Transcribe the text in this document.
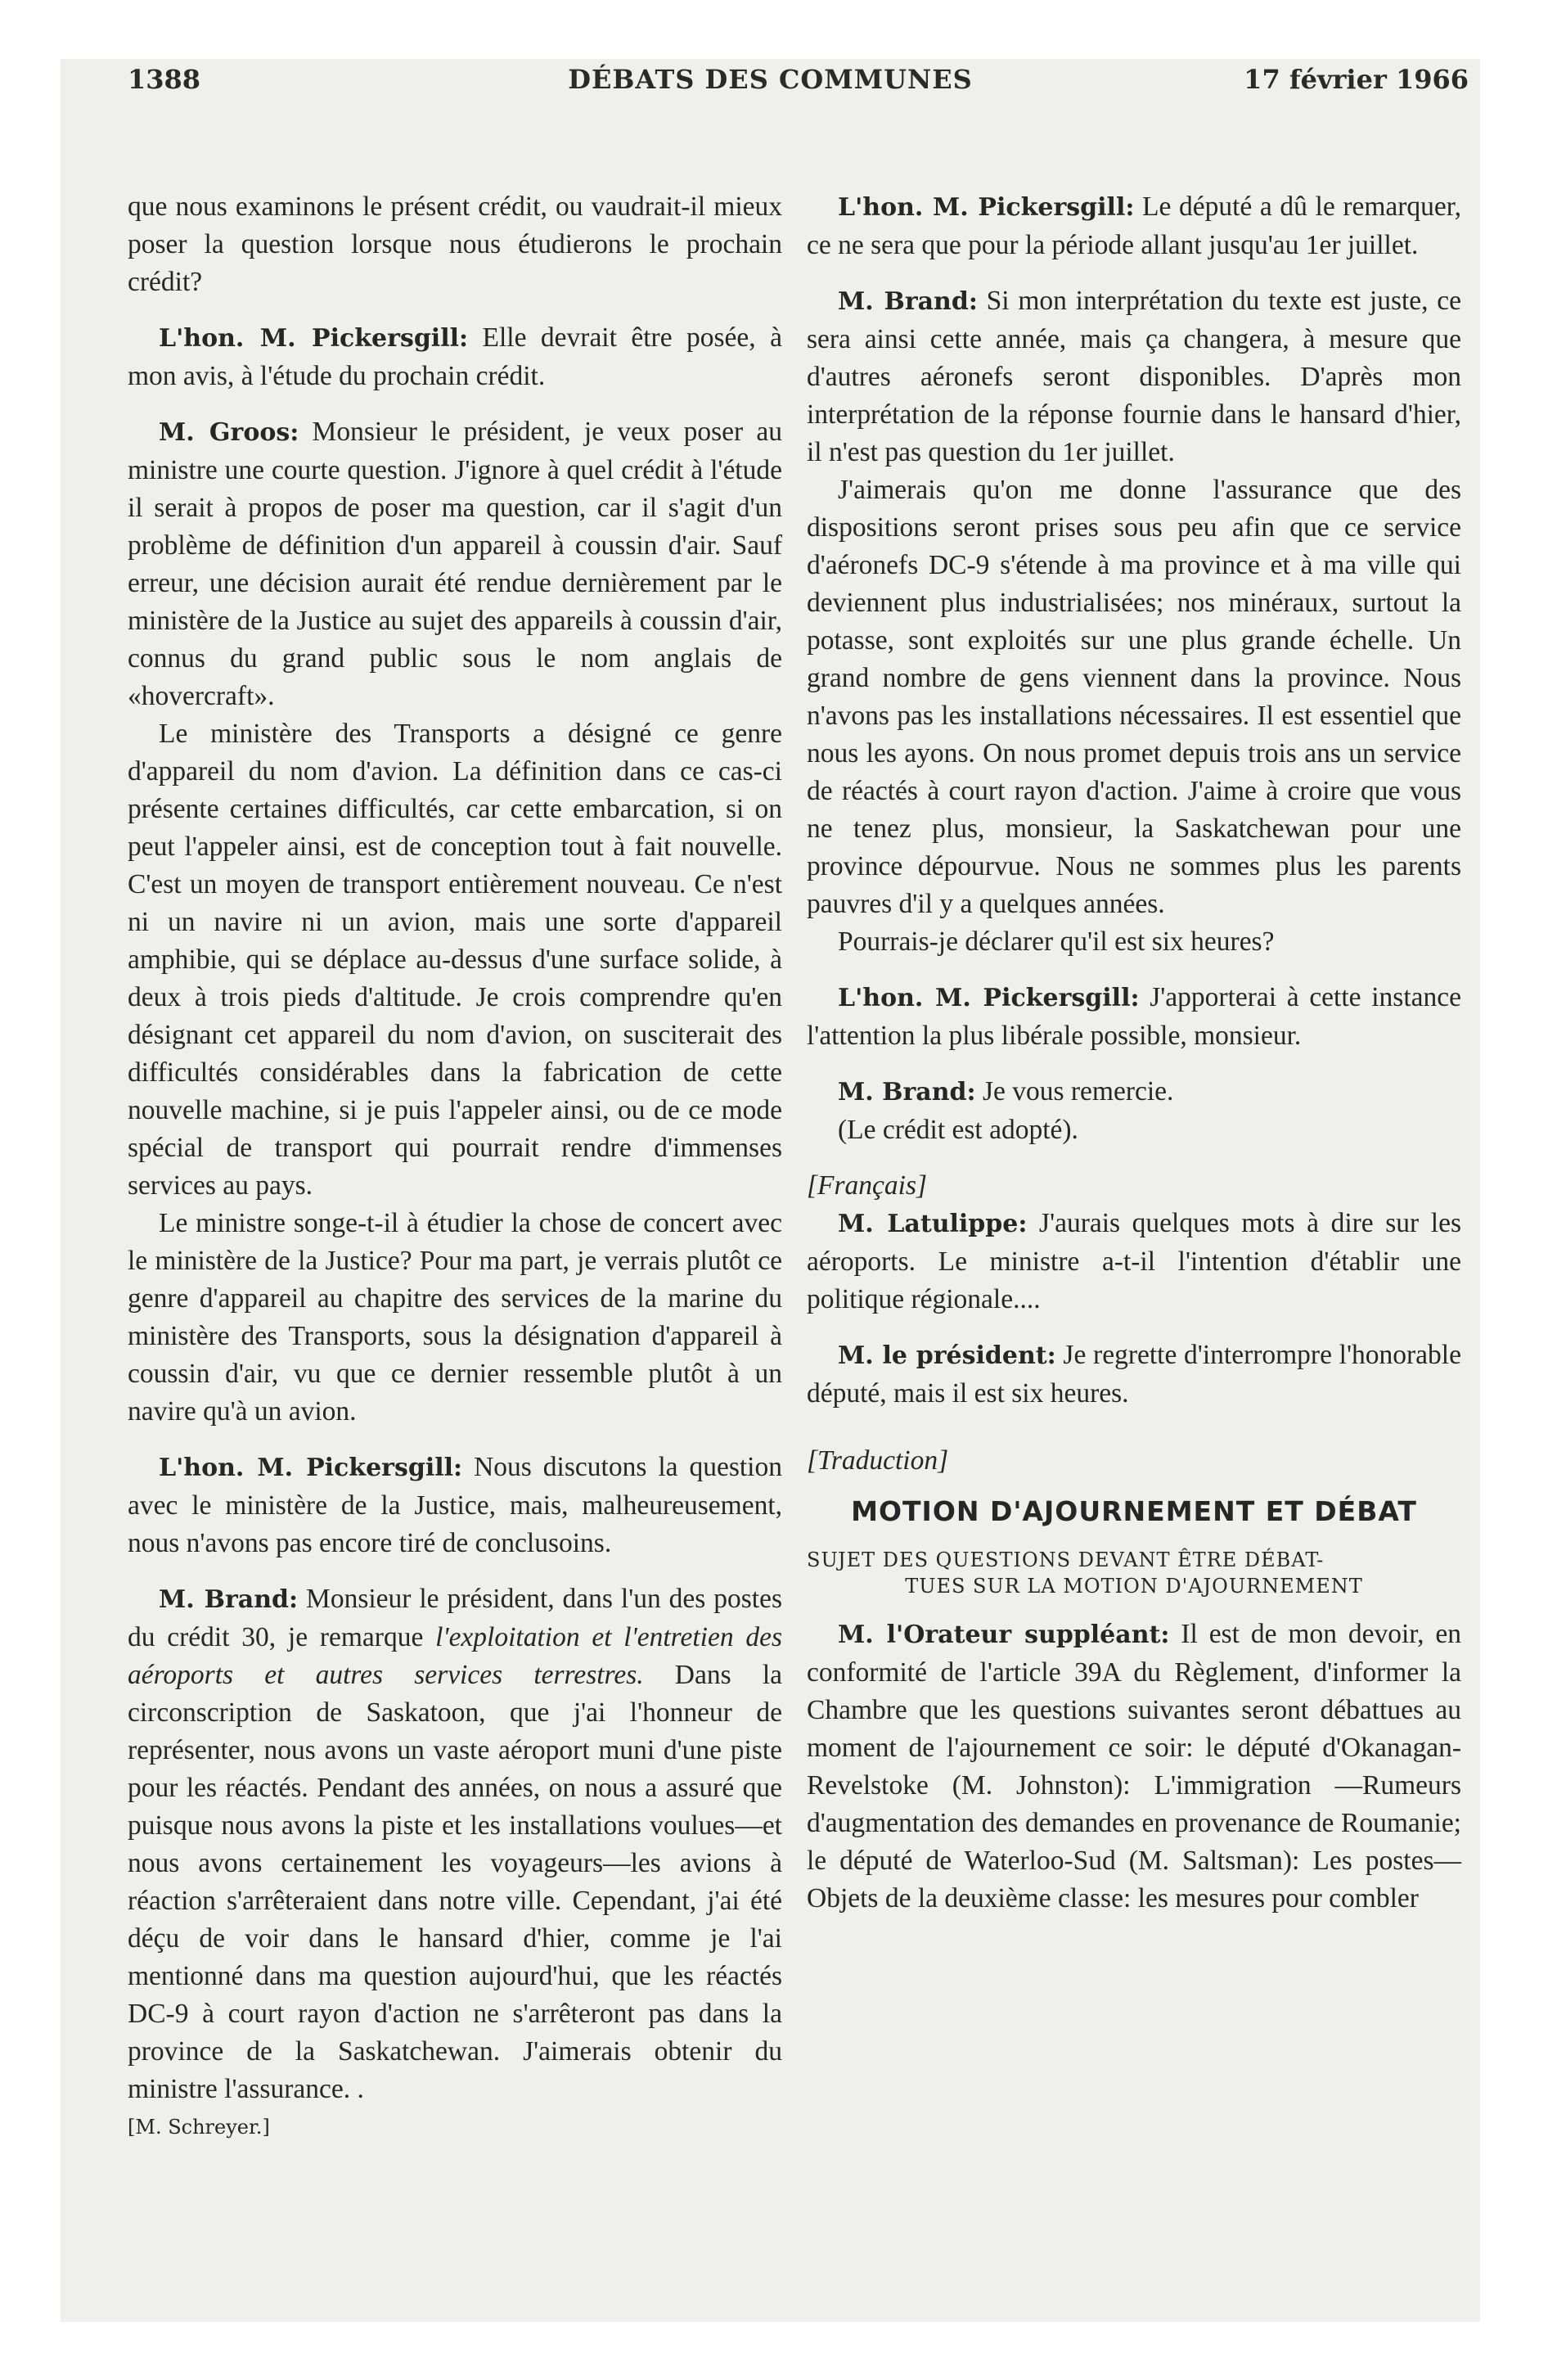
1388	DÉBATS DES COMMUNES	17 février 1966

que nous examinons le présent crédit, ou vaudrait-il mieux poser la question lorsque nous étudierons le prochain crédit?

L'hon. M. Pickersgill: Elle devrait être posée, à mon avis, à l'étude du prochain crédit.

M. Groos: Monsieur le président, je veux poser au ministre une courte question. J'ignore à quel crédit à l'étude il serait à propos de poser ma question, car il s'agit d'un problème de définition d'un appareil à coussin d'air. Sauf erreur, une décision aurait été rendue dernièrement par le ministère de la Justice au sujet des appareils à coussin d'air, connus du grand public sous le nom anglais de «hovercraft».

Le ministère des Transports a désigné ce genre d'appareil du nom d'avion. La définition dans ce cas-ci présente certaines difficultés, car cette embarcation, si on peut l'appeler ainsi, est de conception tout à fait nouvelle. C'est un moyen de transport entièrement nouveau. Ce n'est ni un navire ni un avion, mais une sorte d'appareil amphibie, qui se déplace au-dessus d'une surface solide, à deux à trois pieds d'altitude. Je crois comprendre qu'en désignant cet appareil du nom d'avion, on susciterait des difficultés considérables dans la fabrication de cette nouvelle machine, si je puis l'appeler ainsi, ou de ce mode spécial de transport qui pourrait rendre d'immenses services au pays.

Le ministre songe-t-il à étudier la chose de concert avec le ministère de la Justice? Pour ma part, je verrais plutôt ce genre d'appareil au chapitre des services de la marine du ministère des Transports, sous la désignation d'appareil à coussin d'air, vu que ce dernier ressemble plutôt à un navire qu'à un avion.

L'hon. M. Pickersgill: Nous discutons la question avec le ministère de la Justice, mais, malheureusement, nous n'avons pas encore tiré de conclusoins.

M. Brand: Monsieur le président, dans l'un des postes du crédit 30, je remarque l'exploitation et l'entretien des aéroports et autres services terrestres. Dans la circonscription de Saskatoon, que j'ai l'honneur de représenter, nous avons un vaste aéroport muni d'une piste pour les réactés. Pendant des années, on nous a assuré que puisque nous avons la piste et les installations voulues—et nous avons certainement les voyageurs—les avions à réaction s'arrêteraient dans notre ville. Cependant, j'ai été déçu de voir dans le hansard d'hier, comme je l'ai mentionné dans ma question aujourd'hui, que les réactés DC-9 à court rayon d'action ne s'arrêteront pas dans la province de la Saskatchewan. J'aimerais obtenir du ministre l'assurance. .

[M. Schreyer.]

L'hon. M. Pickersgill: Le député a dû le remarquer, ce ne sera que pour la période allant jusqu'au 1er juillet.

M. Brand: Si mon interprétation du texte est juste, ce sera ainsi cette année, mais ça changera, à mesure que d'autres aéronefs seront disponibles. D'après mon interprétation de la réponse fournie dans le hansard d'hier, il n'est pas question du 1er juillet.

J'aimerais qu'on me donne l'assurance que des dispositions seront prises sous peu afin que ce service d'aéronefs DC-9 s'étende à ma province et à ma ville qui deviennent plus industrialisées; nos minéraux, surtout la potasse, sont exploités sur une plus grande échelle. Un grand nombre de gens viennent dans la province. Nous n'avons pas les installations nécessaires. Il est essentiel que nous les ayons. On nous promet depuis trois ans un service de réactés à court rayon d'action. J'aime à croire que vous ne tenez plus, monsieur, la Saskatchewan pour une province dépourvue. Nous ne sommes plus les parents pauvres d'il y a quelques années.

Pourrais-je déclarer qu'il est six heures?

L'hon. M. Pickersgill: J'apporterai à cette instance l'attention la plus libérale possible, monsieur.

M. Brand: Je vous remercie.

(Le crédit est adopté).

[Français]

M. Latulippe: J'aurais quelques mots à dire sur les aéroports. Le ministre a-t-il l'intention d'établir une politique régionale....

M. le président: Je regrette d'interrompre l'honorable député, mais il est six heures.

[Traduction]

MOTION D'AJOURNEMENT ET DÉBAT
SUJET DES QUESTIONS DEVANT ÊTRE DÉBAT-
TUES SUR LA MOTION D'AJOURNEMENT

M. l'Orateur suppléant: Il est de mon devoir, en conformité de l'article 39A du Règlement, d'informer la Chambre que les questions suivantes seront débattues au moment de l'ajournement ce soir: le député d'Okanagan-Revelstoke (M. Johnston): L'immigration —Rumeurs d'augmentation des demandes en provenance de Roumanie; le député de Waterloo-Sud (M. Saltsman): Les postes—Objets de la deuxième classe: les mesures pour combler
